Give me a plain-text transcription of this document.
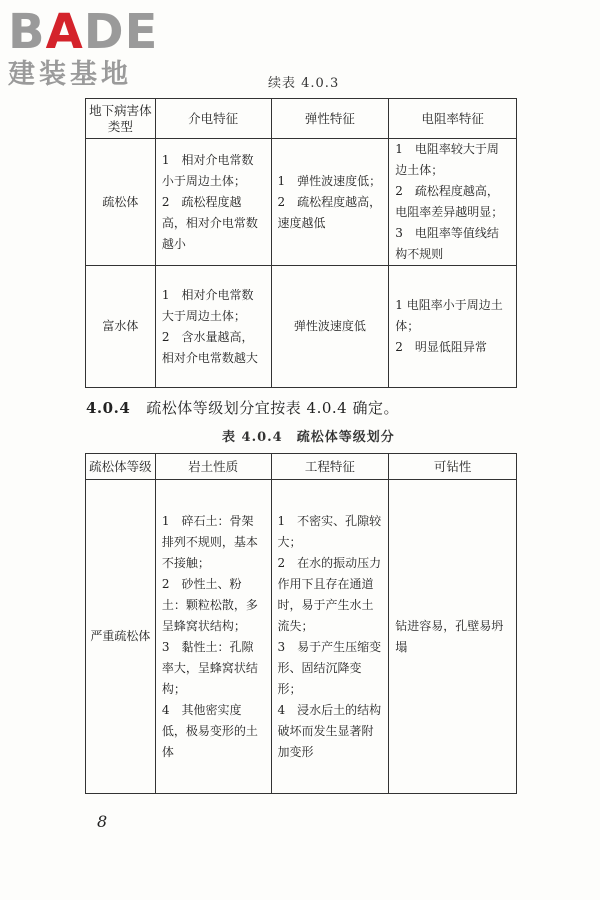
BADE
建装基地	续表 4.0.3
地下病害体类型	介电特征	弹性特征	电阻率特征
疏松体	1　相对介电常数小于周边土体；
2　疏松程度越高，相对介电常数越小	1　弹性波速度低；
2　疏松程度越高，速度越低	1　电阻率较大于周边土体；
2　疏松程度越高，电阻率差异越明显；
3　电阻率等值线结构不规则

富水体	1　相对介电常数大于周边土体；
2　含水量越高，相对介电常数越大	弹性波速度低	1 电阻率小于周边土体；
2　明显低阻异常
4.0.4 疏松体等级划分宜按表 4.0.4 确定。
表 4.0.4　疏松体等级划分
疏松体等级	岩土性质	工程特征	可钻性
严重疏松体	1　碎石土：骨架排列不规则，基本不接触；
2　砂性土、粉土：颗粒松散，多呈蜂窝状结构；
3　黏性土：孔隙率大，呈蜂窝状结构；
4　其他密实度低，极易变形的土体	1　不密实、孔隙较大；
2　在水的振动压力作用下且存在通道时，易于产生水土流失；
3　易于产生压缩变形、固结沉降变形；
4　浸水后土的结构破坏而发生显著附加变形	钻进容易，孔壁易坍塌
8
